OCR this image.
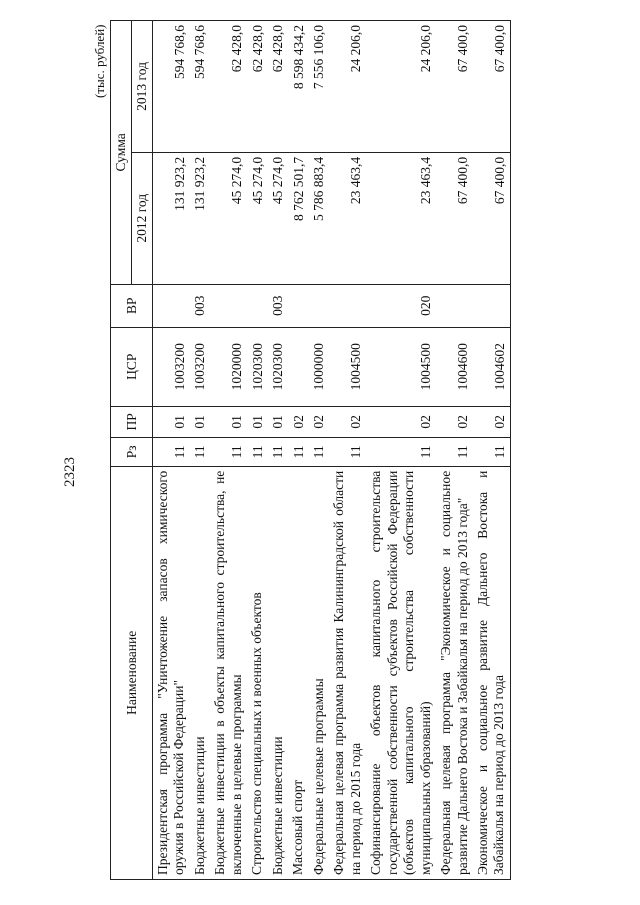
2323
(тыс. рублей)						
Наименование	Рз	ПР	ЦСР	ВР	Сумма	
					2012 год	2013 год
Президентская программа "Уничтожение запасов химического оружия в Российской Федерации"	11	01	1003200		131 923,2	594 768,6
Бюджетные инвестиции	11	01	1003200	003	131 923,2	594 768,6
Бюджетные инвестиции в объекты капитального строительства, не включенные в целевые программы	11	01	1020000		45 274,0	62 428,0
Строительство специальных и военных объектов	11	01	1020300		45 274,0	62 428,0
Бюджетные инвестиции	11	01	1020300	003	45 274,0	62 428,0
Массовый спорт	11	02			8 762 501,7	8 598 434,2
Федеральные целевые программы	11	02	1000000		5 786 883,4	7 556 106,0
Федеральная целевая программа развития Калининградской области на период до 2015 года	11	02	1004500		23 463,4	24 206,0
Софинансирование объектов капитального строительства государственной собственности субъектов Российской Федерации (объектов капитального строительства собственности муниципальных образований)	11	02	1004500	020	23 463,4	24 206,0
Федеральная целевая программа "Экономическое и социальное развитие Дальнего Востока и Забайкалья на период до 2013 года"	11	02	1004600		67 400,0	67 400,0
Экономическое и социальное развитие Дальнего Востока и Забайкалья на период до 2013 года	11	02	1004602		67 400,0	67 400,0
